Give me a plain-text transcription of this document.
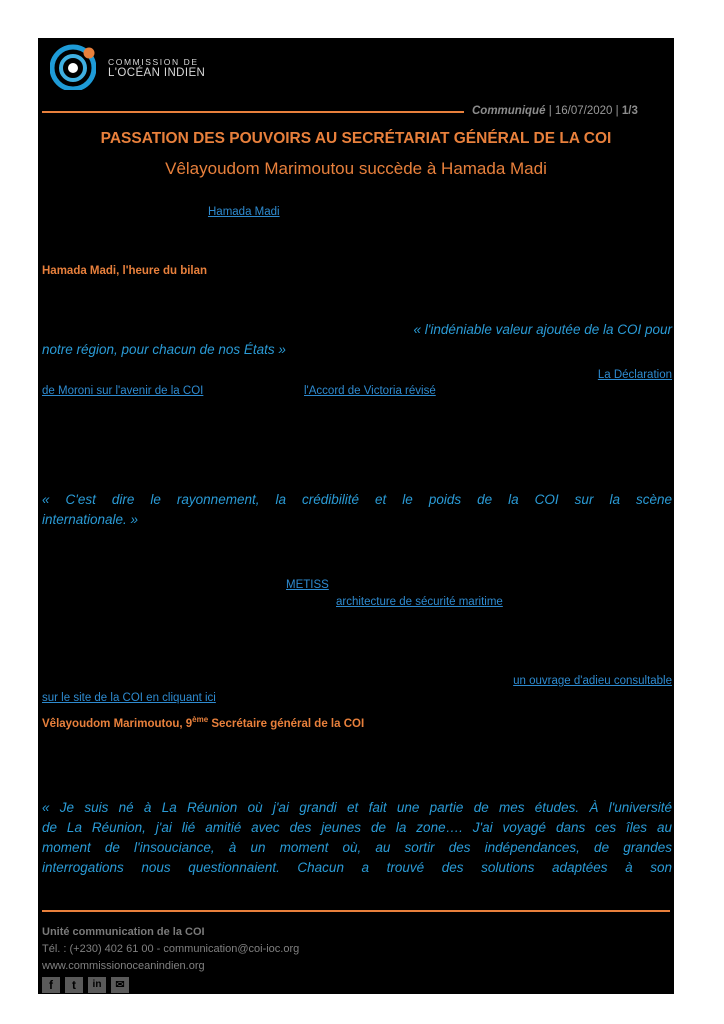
COMMISSION DE
L'OCÉAN INDIEN
Communiqué | 16/07/2020 | 1/3
PASSATION DES POUVOIRS AU SECRÉTARIAT GÉNÉRAL DE LA COI
Vêlayoudom Marimoutou succède à Hamada Madi
Hamada Madi
Hamada Madi, l'heure du bilan
« l'indéniable valeur ajoutée de la COI pour
notre région, pour chacun de nos États »
La Déclaration
de Moroni sur l'avenir de la COI	l'Accord de Victoria révisé
« C'est dire le rayonnement, la crédibilité et le poids de la COI sur la scène
internationale. »
METISS
architecture de sécurité maritime
un ouvrage d'adieu consultable
sur le site de la COI en cliquant ici
Vêlayoudom Marimoutou, 9ème Secrétaire général de la COI
« Je suis né à La Réunion où j'ai grandi et fait une partie de mes études. À l'université
de La Réunion, j'ai lié amitié avec des jeunes de la zone…. J'ai voyagé dans ces îles au
moment de l'insouciance, à un moment où, au sortir des indépendances, de grandes
interrogations nous questionnaient. Chacun a trouvé des solutions adaptées à son
Unité communication de la COI
Tél. : (+230) 402 61 00 - communication@coi-ioc.org
www.commissionoceanindien.org
f	t	in	✉
